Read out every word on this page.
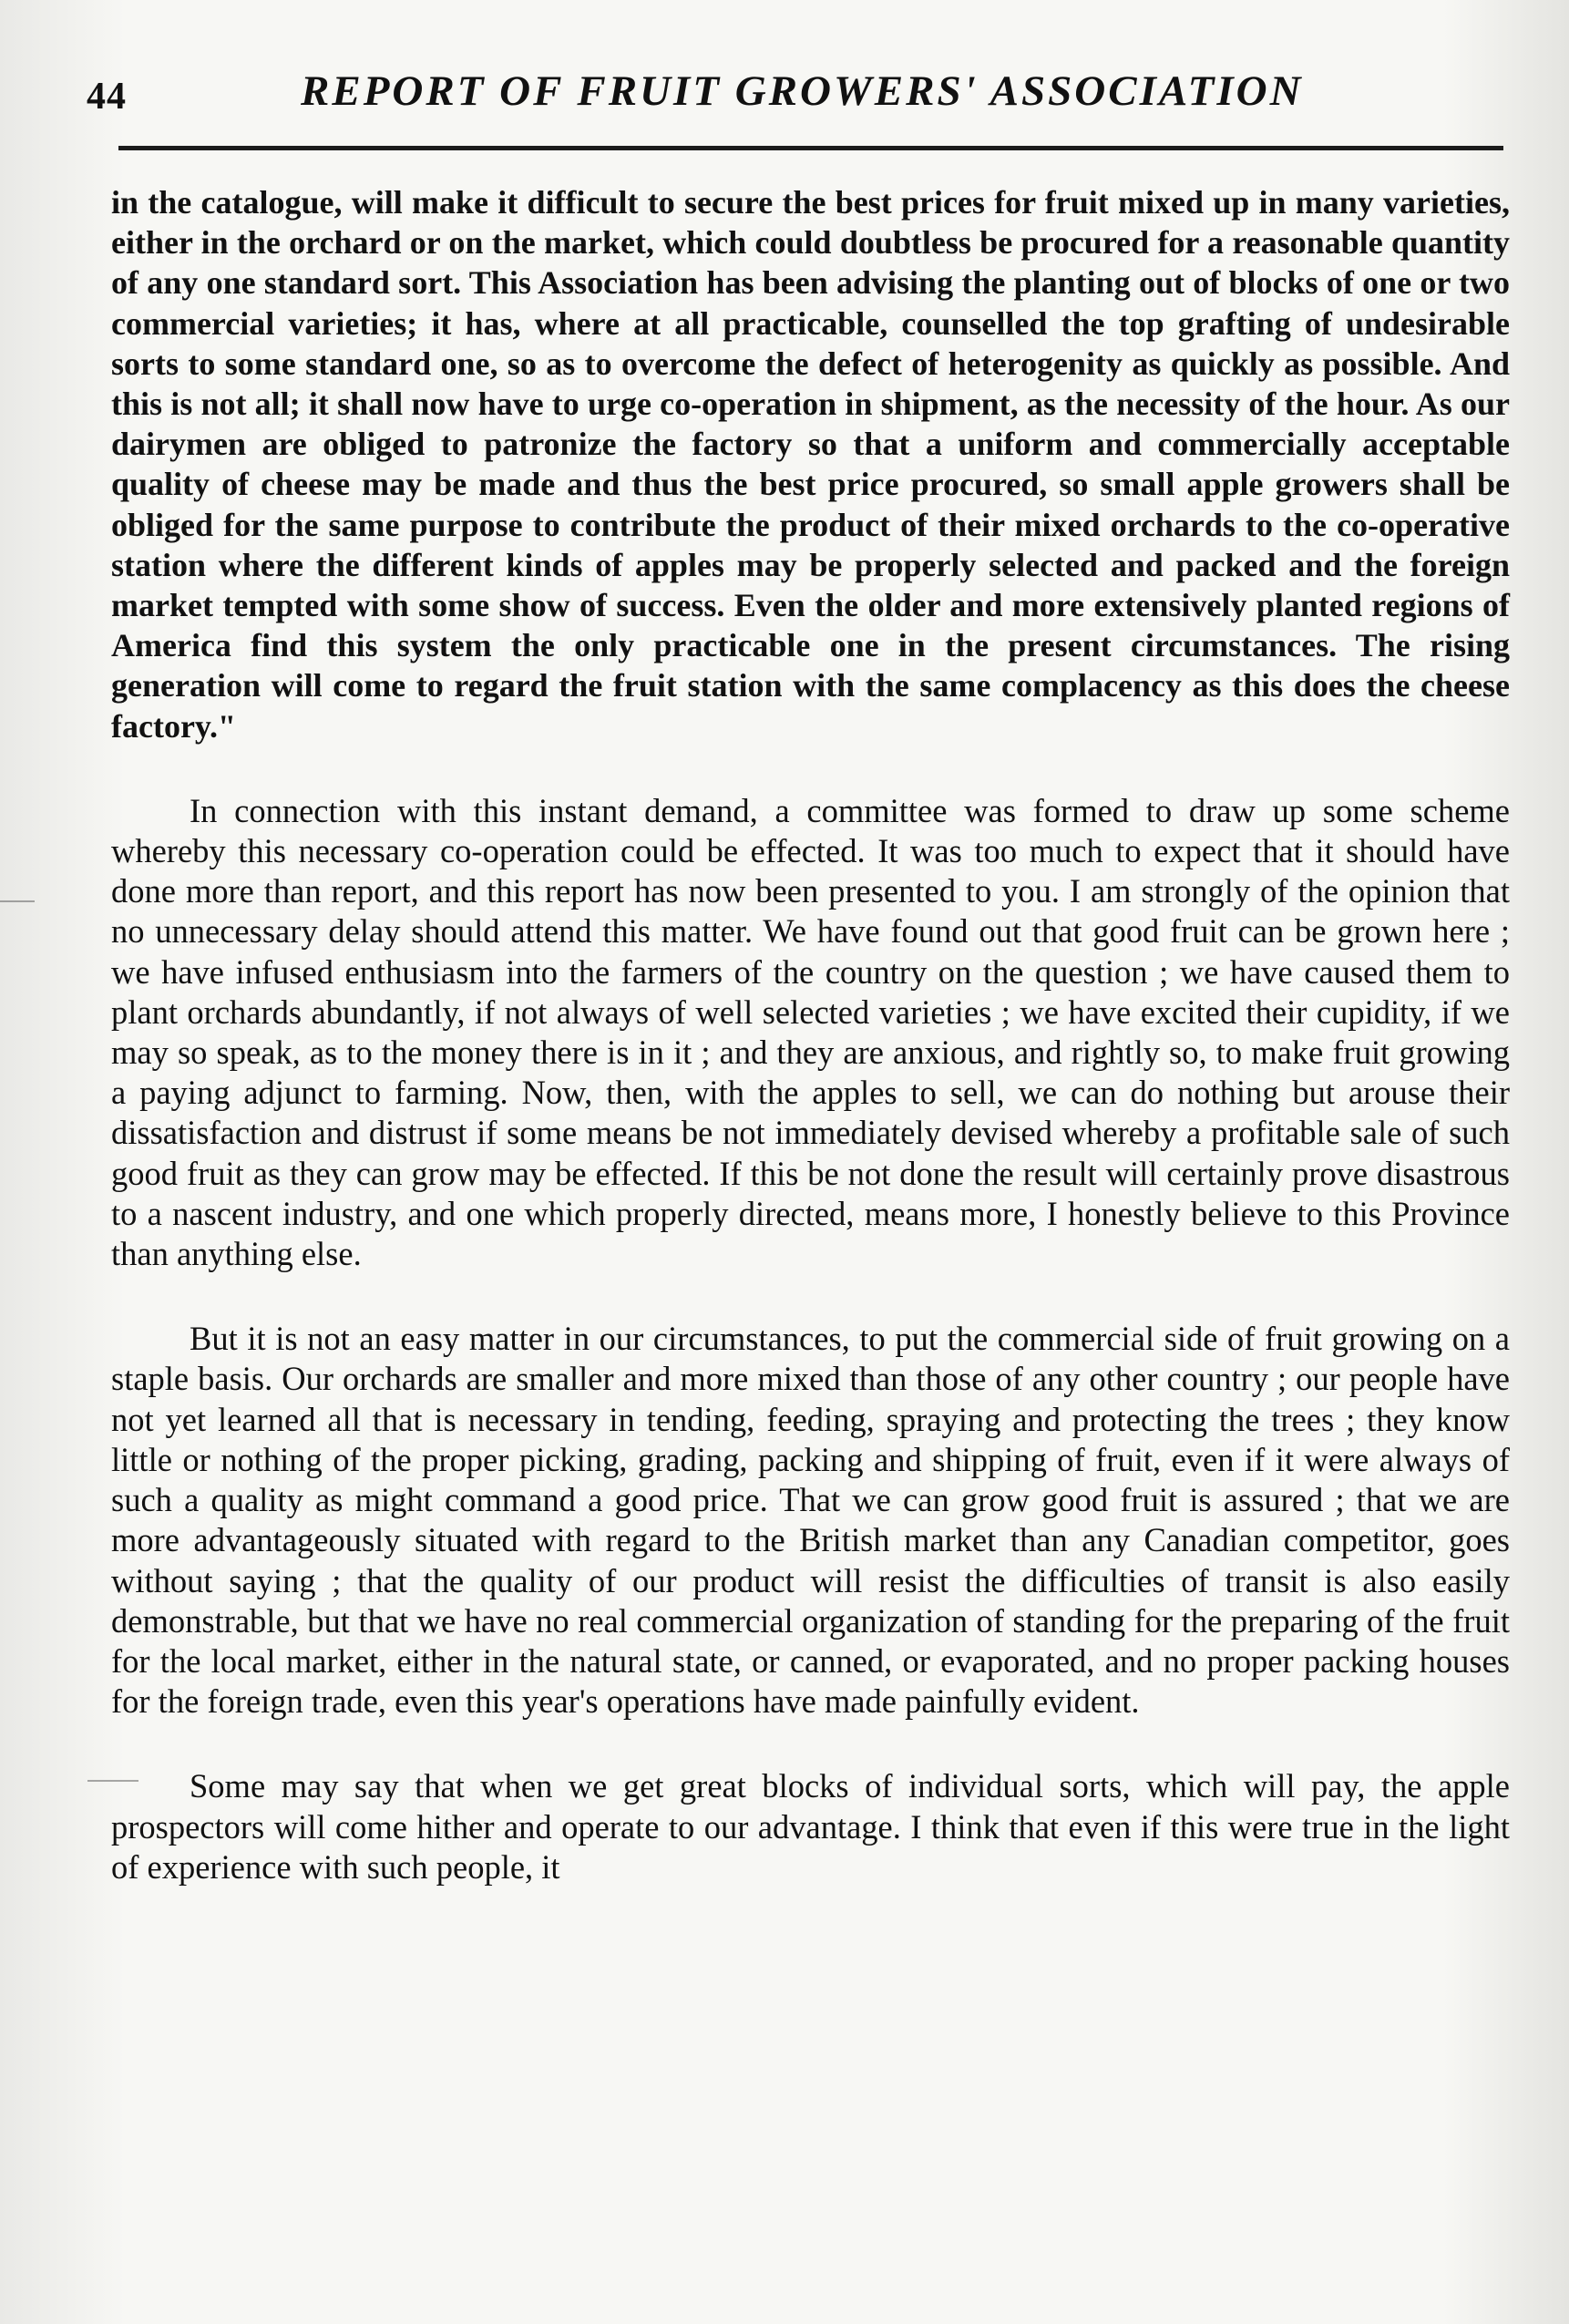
44	REPORT OF FRUIT GROWERS' ASSOCIATION

in the catalogue, will make it difficult to secure the best prices for fruit mixed up in many varieties, either in the orchard or on the market, which could doubtless be procured for a reasonable quantity of any one standard sort. This Association has been advising the planting out of blocks of one or two commercial varieties; it has, where at all practicable, counselled the top grafting of undesirable sorts to some standard one, so as to overcome the defect of heterogenity as quickly as possible. And this is not all; it shall now have to urge co-operation in shipment, as the necessity of the hour. As our dairymen are obliged to patronize the factory so that a uniform and commercially acceptable quality of cheese may be made and thus the best price procured, so small apple growers shall be obliged for the same purpose to contribute the product of their mixed orchards to the co-operative station where the different kinds of apples may be properly selected and packed and the foreign market tempted with some show of success. Even the older and more extensively planted regions of America find this system the only practicable one in the present circumstances. The rising generation will come to regard the fruit station with the same complacency as this does the cheese factory."

In connection with this instant demand, a committee was formed to draw up some scheme whereby this necessary co-operation could be effected. It was too much to expect that it should have done more than report, and this report has now been presented to you. I am strongly of the opinion that no unnecessary delay should attend this matter. We have found out that good fruit can be grown here ; we have infused enthusiasm into the farmers of the country on the question ; we have caused them to plant orchards abundantly, if not always of well selected varieties ; we have excited their cupidity, if we may so speak, as to the money there is in it ; and they are anxious, and rightly so, to make fruit growing a paying adjunct to farming. Now, then, with the apples to sell, we can do nothing but arouse their dissatisfaction and distrust if some means be not immediately devised whereby a profitable sale of such good fruit as they can grow may be effected. If this be not done the result will certainly prove disastrous to a nascent industry, and one which properly directed, means more, I honestly believe to this Province than anything else.

But it is not an easy matter in our circumstances, to put the commercial side of fruit growing on a staple basis. Our orchards are smaller and more mixed than those of any other country ; our people have not yet learned all that is necessary in tending, feeding, spraying and protecting the trees ; they know little or nothing of the proper picking, grading, packing and shipping of fruit, even if it were always of such a quality as might command a good price. That we can grow good fruit is assured ; that we are more advantageously situated with regard to the British market than any Canadian competitor, goes without saying ; that the quality of our product will resist the difficulties of transit is also easily demonstrable, but that we have no real commercial organization of standing for the preparing of the fruit for the local market, either in the natural state, or canned, or evaporated, and no proper packing houses for the foreign trade, even this year's operations have made painfully evident.

Some may say that when we get great blocks of individual sorts, which will pay, the apple prospectors will come hither and operate to our advantage. I think that even if this were true in the light of experience with such people, it
